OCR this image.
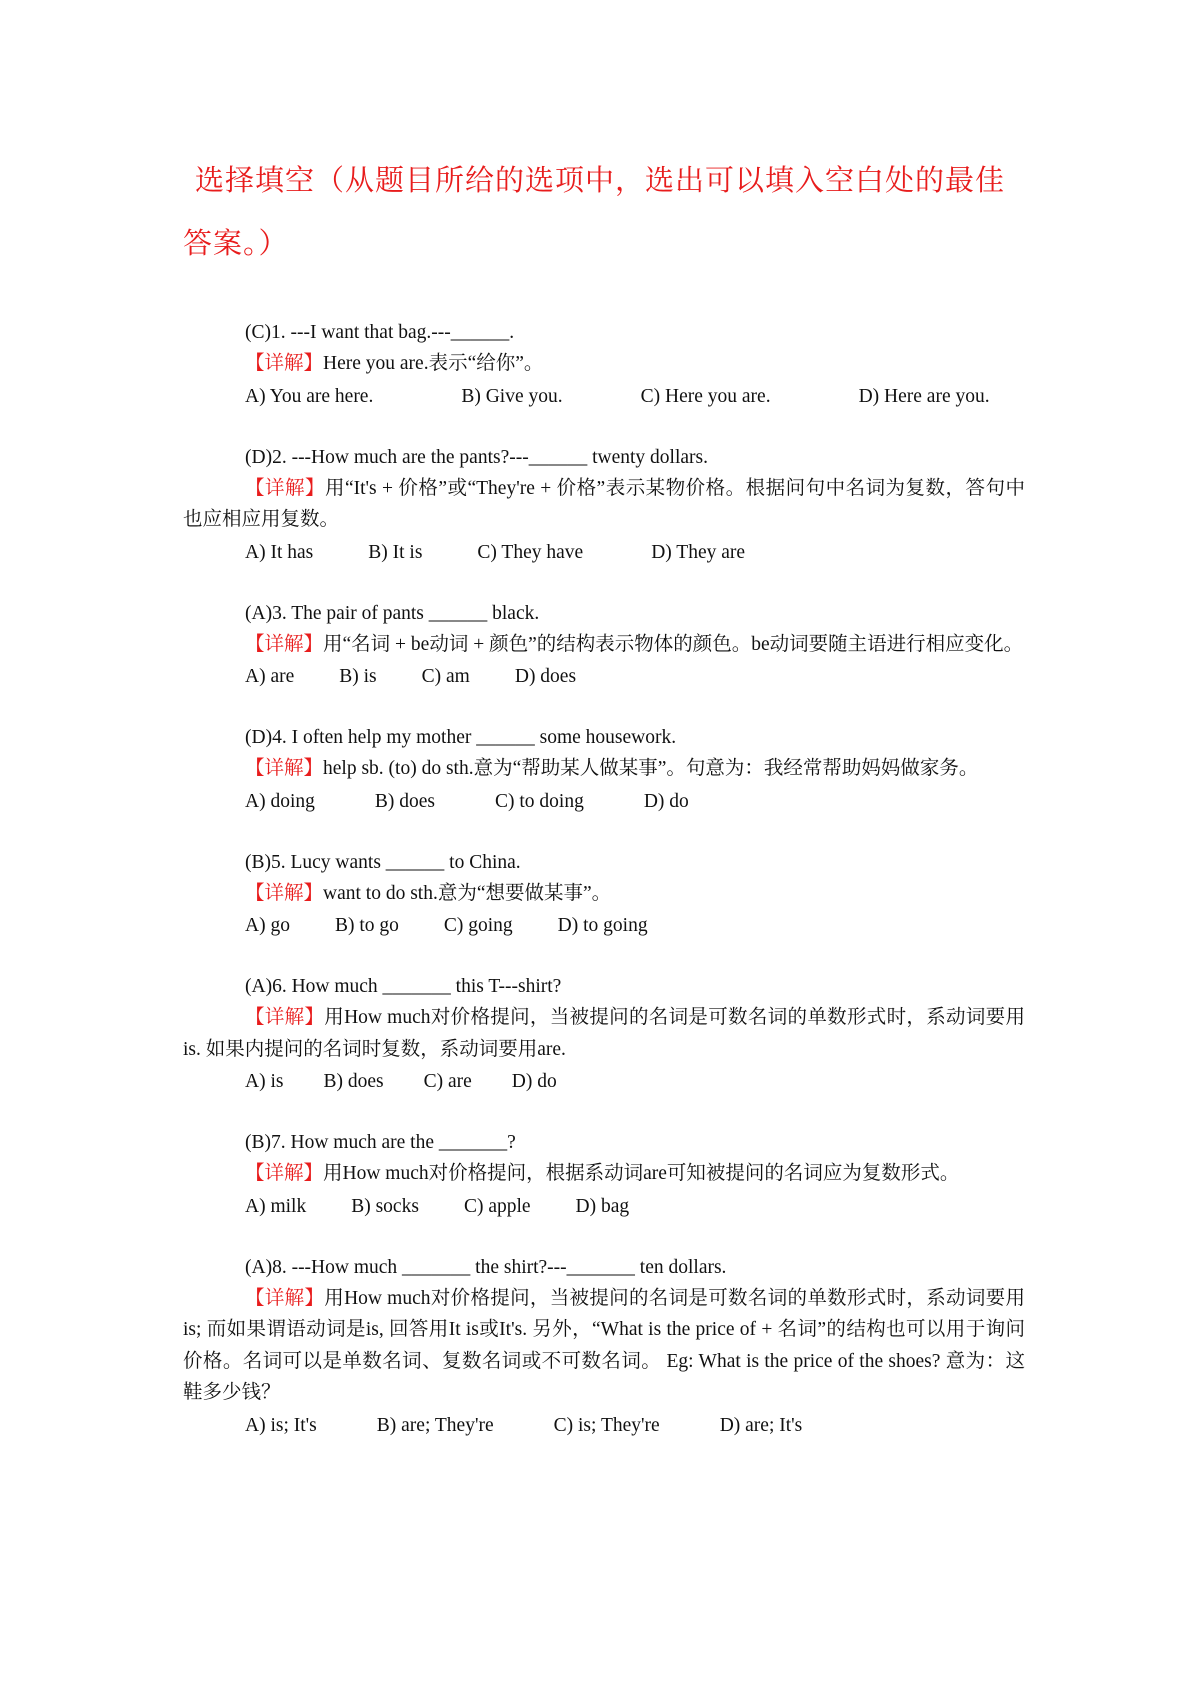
选择填空（从题目所给的选项中，选出可以填入空白处的最佳答案。）
(C)1. ---I want that bag.---______.
【详解】Here you are.表示“给你”。
A) You are here.	B) Give you.	C) Here you are.	D) Here are you.
(D)2. ---How much are the pants?---______ twenty dollars.
【详解】用“It's + 价格”或“They're + 价格”表示某物价格。根据问句中名词为复数，答句中也应相应用复数。
A) It has	B) It is	C) They have	D) They are
(A)3. The pair of pants ______ black.
【详解】用“名词 + be动词 + 颜色”的结构表示物体的颜色。be动词要随主语进行相应变化。
A) are B) is C) am D) does
(D)4. I often help my mother ______ some housework.
【详解】help sb. (to) do sth.意为“帮助某人做某事”。句意为：我经常帮助妈妈做家务。
A) doing	B) does	C) to doing	D) do
(B)5. Lucy wants ______ to China.
【详解】want to do sth.意为“想要做某事”。
A) go B) to go C) going D) to going
(A)6. How much _______ this T---shirt?
【详解】用How much对价格提问，当被提问的名词是可数名词的单数形式时，系动词要用is. 如果内提问的名词时复数，系动词要用are.
A) is B) does C) are D) do
(B)7. How much are the _______?
【详解】用How much对价格提问，根据系动词are可知被提问的名词应为复数形式。
A) milk B) socks C) apple D) bag
(A)8. ---How much _______ the shirt?---_______ ten dollars.
【详解】用How much对价格提问，当被提问的名词是可数名词的单数形式时，系动词要用is; 而如果谓语动词是is, 回答用It is或It's. 另外，“What is the price of + 名词”的结构也可以用于询问价格。名词可以是单数名词、复数名词或不可数名词。 Eg: What is the price of the shoes? 意为：这鞋多少钱？
A) is; It's	B) are; They're	C) is; They're	D) are; It's
